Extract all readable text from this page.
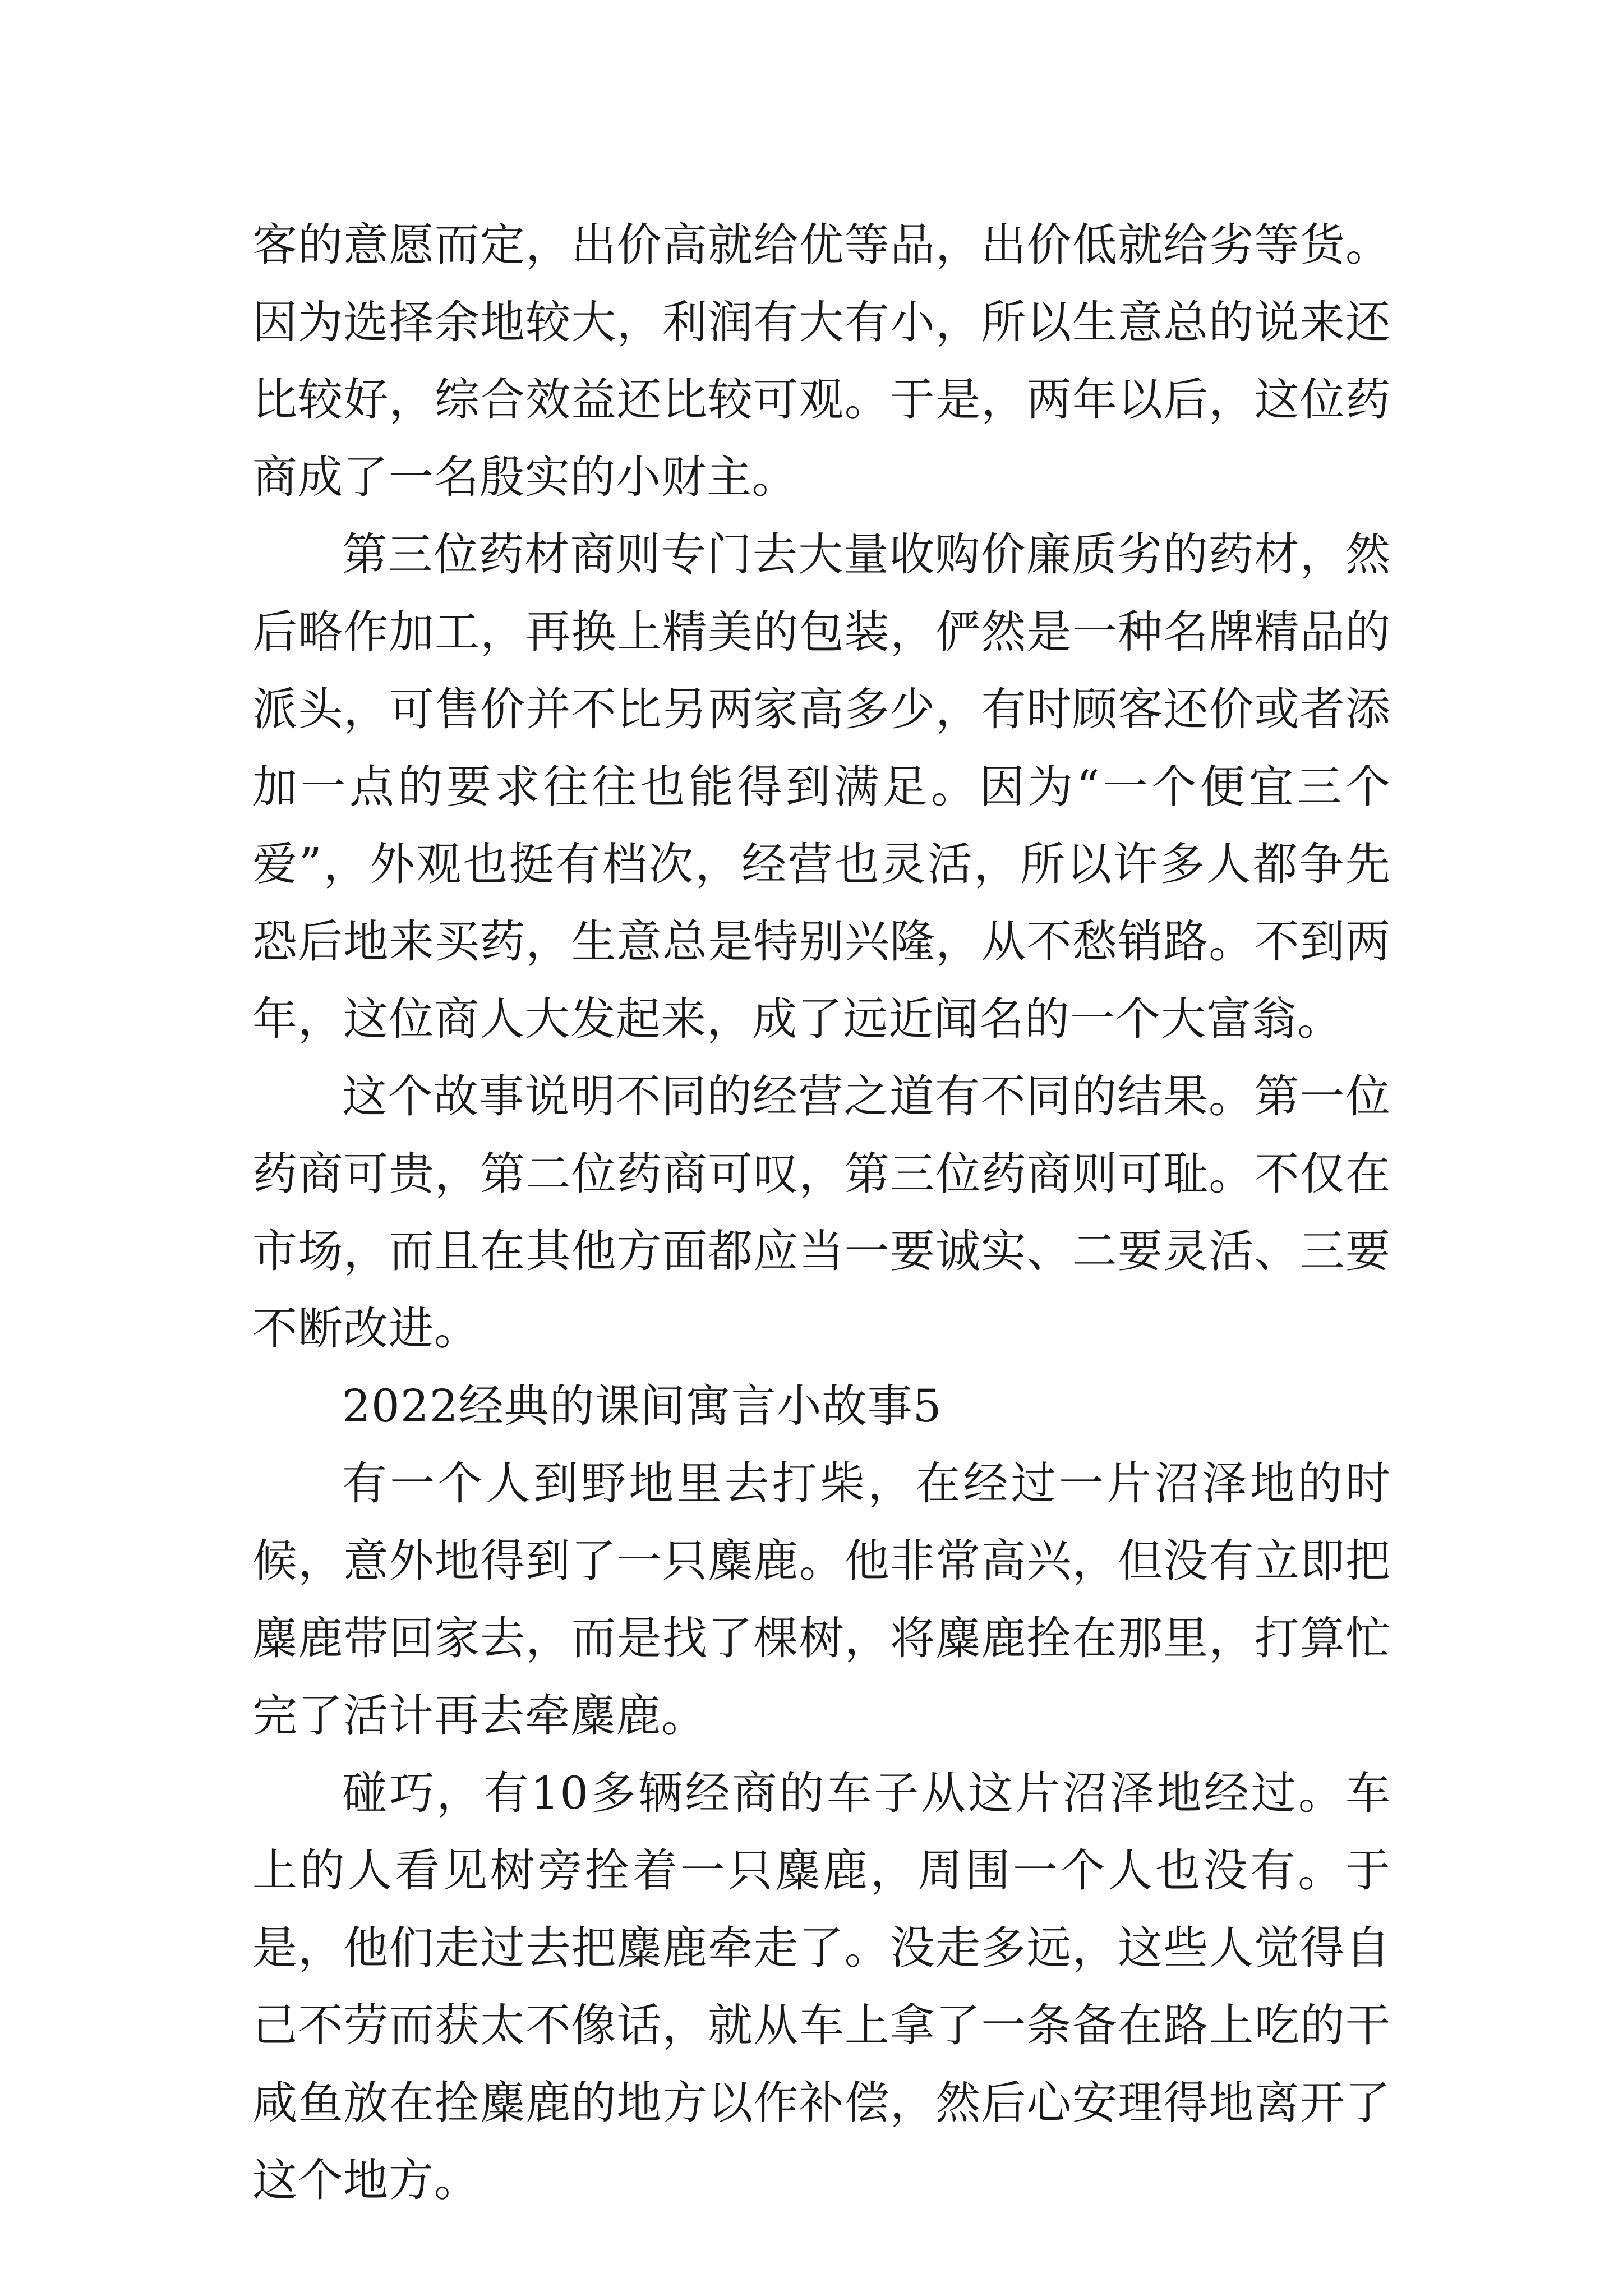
客的意愿而定，出价高就给优等品，出价低就给劣等货。因为选择余地较大，利润有大有小，所以生意总的说来还比较好，综合效益还比较可观。于是，两年以后，这位药商成了一名殷实的小财主。

第三位药材商则专门去大量收购价廉质劣的药材，然后略作加工，再换上精美的包装，俨然是一种名牌精品的派头，可售价并不比另两家高多少，有时顾客还价或者添加一点的要求往往也能得到满足。因为“一个便宜三个爱”，外观也挺有档次，经营也灵活，所以许多人都争先恐后地来买药，生意总是特别兴隆，从不愁销路。不到两年，这位商人大发起来，成了远近闻名的一个大富翁。

这个故事说明不同的经营之道有不同的结果。第一位药商可贵，第二位药商可叹，第三位药商则可耻。不仅在市场，而且在其他方面都应当一要诚实、二要灵活、三要不断改进。

2022经典的课间寓言小故事5

有一个人到野地里去打柴，在经过一片沼泽地的时候，意外地得到了一只麋鹿。他非常高兴，但没有立即把麋鹿带回家去，而是找了棵树，将麋鹿拴在那里，打算忙完了活计再去牵麋鹿。

碰巧，有10多辆经商的车子从这片沼泽地经过。车上的人看见树旁拴着一只麋鹿，周围一个人也没有。于是，他们走过去把麋鹿牵走了。没走多远，这些人觉得自己不劳而获太不像话，就从车上拿了一条备在路上吃的干咸鱼放在拴麋鹿的地方以作补偿，然后心安理得地离开了这个地方。
